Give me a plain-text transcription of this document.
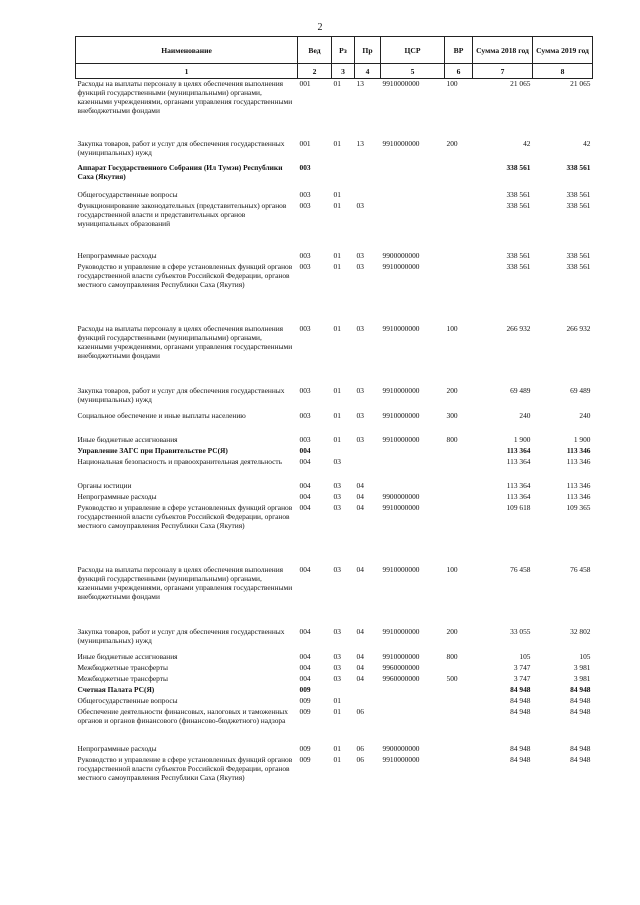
2
Наименование	Вед	Рз	Пр	ЦСР	ВР	Сумма 2018 год	Сумма 2019 год
1	2	3	4	5	6	7	8
Расходы на выплаты персоналу в целях обеспечения выполнения функций государственными (муниципальными) органами, казенными учреждениями, органами управления государственными внебюджетными фондами	001	01	13	9910000000	100	21 065	21 065
Закупка товаров, работ и услуг для обеспечения государственных (муниципальных) нужд	001	01	13	9910000000	200	42	42
Аппарат Государственного Собрания (Ил Тумэн) Республики Саха (Якутия)	003					338 561	338 561
Общегосударственные вопросы	003	01				338 561	338 561
Функционирование законодательных (представительных) органов государственной власти и представительных органов муниципальных образований	003	01	03			338 561	338 561
Непрограммные расходы	003	01	03	9900000000		338 561	338 561
Руководство и управление в сфере установленных функций органов государственной власти субъектов Российской Федерации, органов местного самоуправления Республики Саха (Якутия)	003	01	03	9910000000		338 561	338 561
Расходы на выплаты персоналу в целях обеспечения выполнения функций государственными (муниципальными) органами, казенными учреждениями, органами управления государственными внебюджетными фондами	003	01	03	9910000000	100	266 932	266 932
Закупка товаров, работ и услуг для обеспечения государственных (муниципальных) нужд	003	01	03	9910000000	200	69 489	69 489
Социальное обеспечение и иные выплаты населению	003	01	03	9910000000	300	240	240
Иные бюджетные ассигнования	003	01	03	9910000000	800	1 900	1 900
Управление ЗАГС при Правительстве РС(Я)	004					113 364	113 346
Национальная безопасность и правоохранительная деятельность	004	03				113 364	113 346
Органы юстиции	004	03	04			113 364	113 346
Непрограммные расходы	004	03	04	9900000000		113 364	113 346
Руководство и управление в сфере установленных функций органов государственной власти субъектов Российской Федерации, органов местного самоуправления Республики Саха (Якутия)	004	03	04	9910000000		109 618	109 365
Расходы на выплаты персоналу в целях обеспечения выполнения функций государственными (муниципальными) органами, казенными учреждениями, органами управления государственными внебюджетными фондами	004	03	04	9910000000	100	76 458	76 458
Закупка товаров, работ и услуг для обеспечения государственных (муниципальных) нужд	004	03	04	9910000000	200	33 055	32 802
Иные бюджетные ассигнования	004	03	04	9910000000	800	105	105
Межбюджетные трансферты	004	03	04	9960000000		3 747	3 981
Межбюджетные трансферты	004	03	04	9960000000	500	3 747	3 981
Счетная Палата РС(Я)	009					84 948	84 948
Общегосударственные вопросы	009	01				84 948	84 948
Обеспечение деятельности финансовых, налоговых и таможенных органов и органов финансового (финансово-бюджетного) надзора	009	01	06			84 948	84 948
Непрограммные расходы	009	01	06	9900000000		84 948	84 948
Руководство и управление в сфере установленных функций органов государственной власти субъектов Российской Федерации, органов местного самоуправления Республики Саха (Якутия)	009	01	06	9910000000		84 948	84 948
